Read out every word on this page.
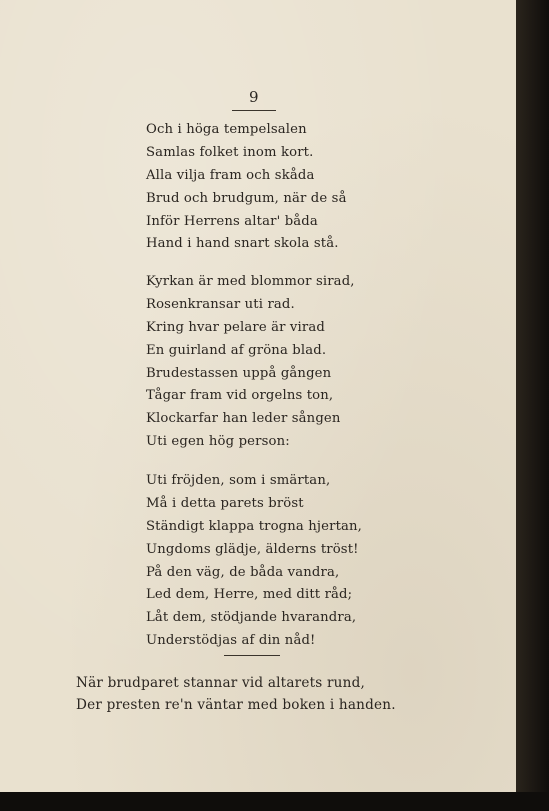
9
Och i höga tempelsalen
Samlas folket inom kort.
Alla vilja fram och skåda
Brud och brudgum, när de så
Inför Herrens altar' båda
Hand i hand snart skola stå.
Kyrkan är med blommor sirad,
Rosenkransar uti rad.
Kring hvar pelare är virad
En guirland af gröna blad.
Brudestassen uppå gången
Tågar fram vid orgelns ton,
Klockarfar han leder sången
Uti egen hög person:
Uti fröjden, som i smärtan,
Må i detta parets bröst
Ständigt klappa trogna hjertan,
Ungdoms glädje, älderns tröst!
På den väg, de båda vandra,
Led dem, Herre, med ditt råd;
Låt dem, stödjande hvarandra,
Understödjas af din nåd!
När brudparet stannar vid altarets rund,
Der presten re'n väntar med boken i handen.
